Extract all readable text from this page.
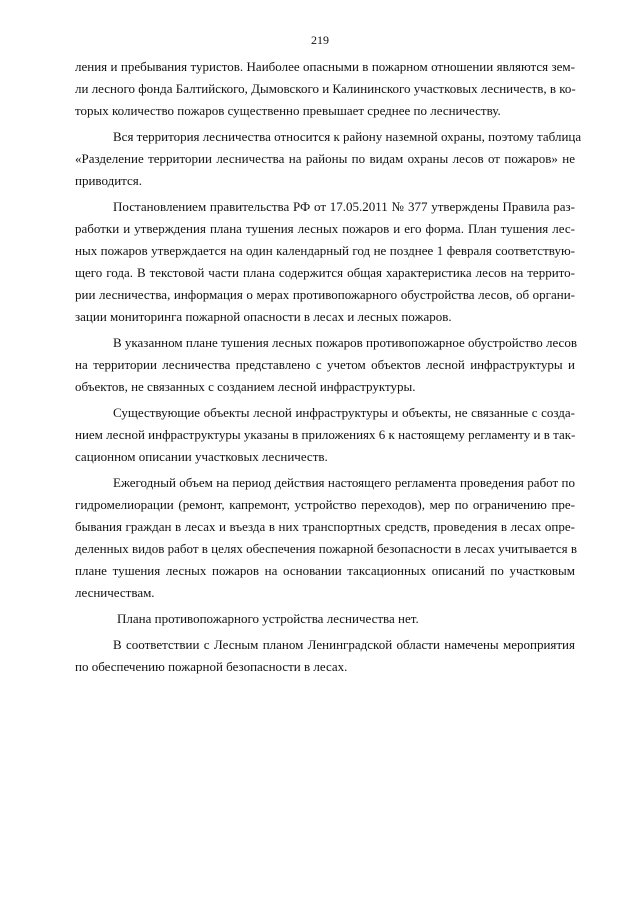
219

ления и пребывания туристов. Наиболее опасными в пожарном отношении являются зем-

ли лесного фонда Балтийского, Дымовского и Калининского участковых лесничеств, в ко-

торых количество пожаров существенно превышает среднее по лесничеству.

Вся территория лесничества относится к району наземной охраны, поэтому таблица

«Разделение территории лесничества на районы по видам охраны лесов от пожаров» не

приводится.

Постановлением правительства РФ от 17.05.2011 № 377 утверждены Правила раз-

работки и утверждения плана тушения лесных пожаров и его форма. План тушения лес-

ных пожаров утверждается на один календарный год не позднее 1 февраля соответствую-

щего года. В текстовой части плана содержится общая характеристика лесов на террито-

рии лесничества, информация о мерах противопожарного обустройства лесов, об органи-

зации мониторинга пожарной опасности в лесах и лесных пожаров.

В указанном плане тушения лесных пожаров противопожарное обустройство лесов

на территории лесничества представлено с учетом объектов лесной инфраструктуры и

объектов, не связанных с созданием лесной инфраструктуры.

Существующие объекты лесной инфраструктуры и объекты, не связанные с созда-

нием лесной инфраструктуры указаны в приложениях 6 к настоящему регламенту и в так-

сационном описании участковых лесничеств.

Ежегодный объем на период действия настоящего регламента проведения работ по

гидромелиорации (ремонт, капремонт, устройство переходов), мер по ограничению пре-

бывания граждан в лесах и въезда в них транспортных средств, проведения в лесах опре-

деленных видов работ в целях обеспечения пожарной безопасности в лесах учитывается в

плане тушения лесных пожаров на основании таксационных описаний по участковым

лесничествам.

Плана противопожарного устройства лесничества нет.

В соответствии с Лесным планом Ленинградской области намечены мероприятия

по обеспечению пожарной безопасности в лесах.
